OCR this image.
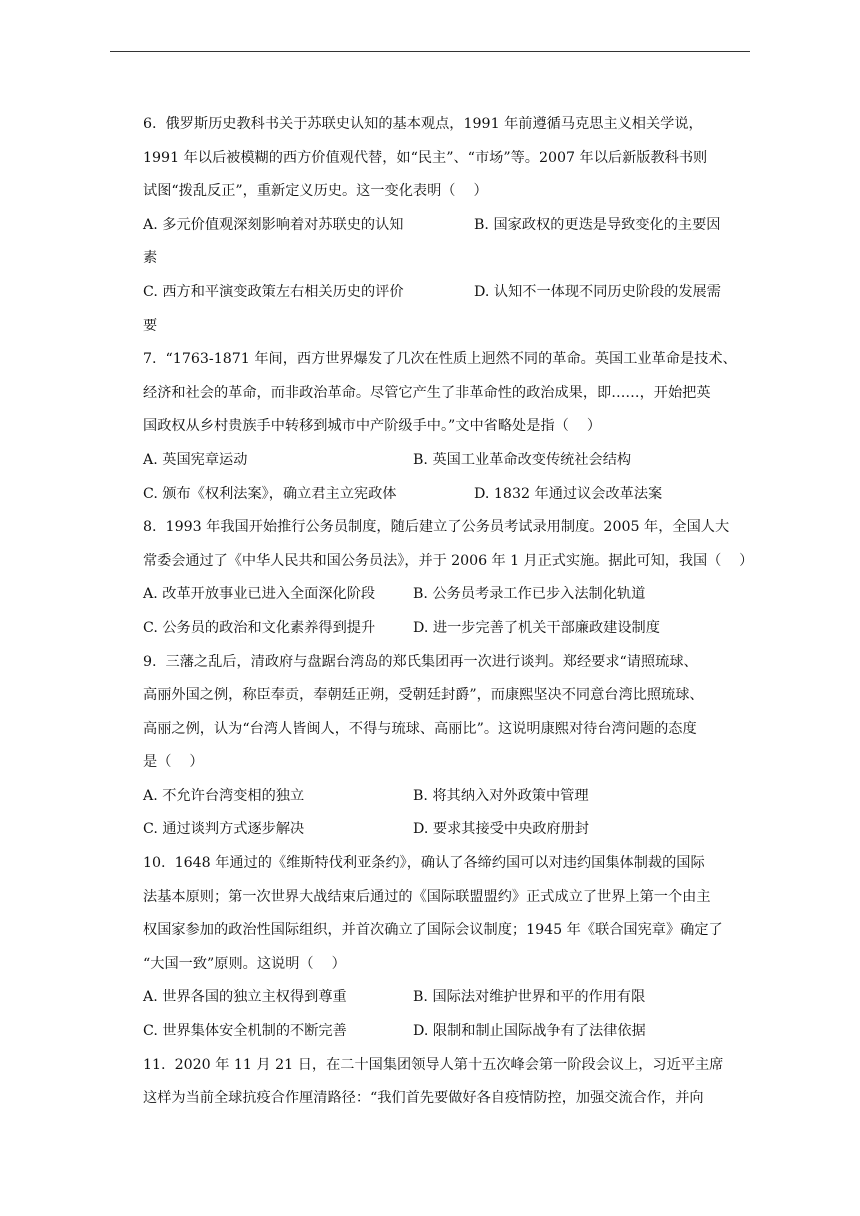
6.  俄罗斯历史教科书关于苏联史认知的基本观点，1991 年前遵循马克思主义相关学说，
1991 年以后被模糊的西方价值观代替，如“民主”、“市场”等。2007 年以后新版教科书则
试图“拨乱反正”，重新定义历史。这一变化表明（    ）
A. 多元价值观深刻影响着对苏联史的认知	B. 国家政权的更迭是导致变化的主要因
素
C. 西方和平演变政策左右相关历史的评价	D. 认知不一体现不同历史阶段的发展需
要
7.  “1763-1871 年间，西方世界爆发了几次在性质上迥然不同的革命。英国工业革命是技术、
经济和社会的革命，而非政治革命。尽管它产生了非革命性的政治成果，即……，开始把英
国政权从乡村贵族手中转移到城市中产阶级手中。”文中省略处是指（    ）
A. 英国宪章运动	B. 英国工业革命改变传统社会结构
C. 颁布《权利法案》，确立君主立宪政体	D. 1832 年通过议会改革法案
8.  1993 年我国开始推行公务员制度，随后建立了公务员考试录用制度。2005 年，全国人大
常委会通过了《中华人民共和国公务员法》，并于 2006 年 1 月正式实施。据此可知，我国（    ）
A. 改革开放事业已进入全面深化阶段	B. 公务员考录工作已步入法制化轨道
C. 公务员的政治和文化素养得到提升	D. 进一步完善了机关干部廉政建设制度
9.  三藩之乱后，清政府与盘踞台湾岛的郑氏集团再一次进行谈判。郑经要求“请照琉球、
高丽外国之例，称臣奉贡，奉朝廷正朔，受朝廷封爵”，而康熙坚决不同意台湾比照琉球、
高丽之例，认为“台湾人皆闽人，不得与琉球、高丽比”。这说明康熙对待台湾问题的态度
是（    ）
A. 不允许台湾变相的独立	B. 将其纳入对外政策中管理
C. 通过谈判方式逐步解决	D. 要求其接受中央政府册封
10.  1648 年通过的《维斯特伐利亚条约》，确认了各缔约国可以对违约国集体制裁的国际
法基本原则；第一次世界大战结束后通过的《国际联盟盟约》正式成立了世界上第一个由主
权国家参加的政治性国际组织，并首次确立了国际会议制度；1945 年《联合国宪章》确定了
“大国一致”原则。这说明（    ）
A. 世界各国的独立主权得到尊重	B. 国际法对维护世界和平的作用有限
C. 世界集体安全机制的不断完善	D. 限制和制止国际战争有了法律依据
11.  2020 年 11 月 21 日，在二十国集团领导人第十五次峰会第一阶段会议上，习近平主席
这样为当前全球抗疫合作厘清路径：“我们首先要做好各自疫情防控，加强交流合作，并向
